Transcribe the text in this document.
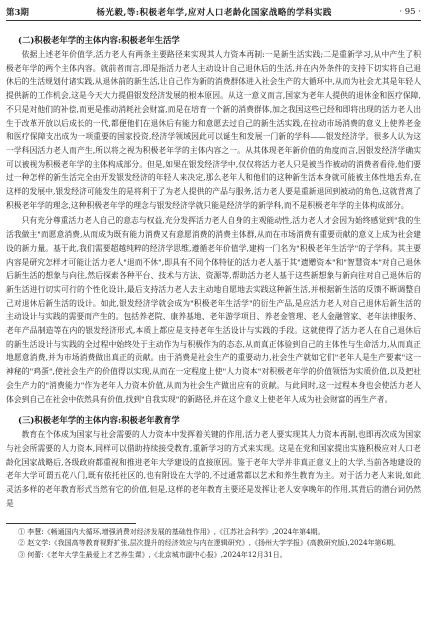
第3期	杨光毅,等:积极老年学,应对人口老龄化国家战略的学科实践	· 95 ·
(二)积极老年学的主体内容:积极老年生活学

依据上述老年价值学,活力老人有两条主要路径来实现其人力资本再制:一是新生活实践;二是重新学习,从中产生了积极老年学的两个主体内容。就前者而言,即是指活力老人主动设计自己退休后的生活,并在内外条件的支持下切实将自己退休后的生活规划付诸实践,从退休前的新生活,让自己作为新的消费群体进入社会生产的大循环中,从而为社会尤其是年轻人提供新的工作机会,这是今天大力提倡银发经济发展的根本原因。从这一意义而言,国家为老年人提供的退休金和医疗保障,不只是对他们的补偿,而更是推动消耗社会财富,而是在培育一个新的消费群体,加之我国这些已经和即将出现的活力老人出生于改革开放以后成长的一代,都便他们在退休后有能力和意愿去过自己的新生活实践,在拉动市场消费的意义上使养老金和医疗保障支出成为一项重要的国家投资,经济学领域因此可以诞生和发展一门新的学科——银发经济学。很多人认为这一学科因活力老人而产生,所以将之视为积极老年学的主体内容之一。从其体现老年新价值的角度而言,因银发经济学确实可以被视为积极老年学的主体构成部分。但是,如果在银发经济学中,仅仅将活力老人只是被当作被动的消费者看待,他们要过一种怎样的新生活完全由开发银发经济的年轻人来决定,那么老年人和他们的这种新生活本身就可能被主体性地丢弃,在这样的发展中,银发经济可能发生的是将利于了为老人提供的产品与服务,活力老人要是重新退回到被动的角色,这就背离了积极老年学的理念,这种积极老年学的理念与银发经济学就只能是经济学的新学科,而不是积极老年学的主体构成部分。

只有充分尊重活力老人自己的意志与权益,充分发挥活力老人自身的主观能动性,活力老人才会因为始终感觉到"我的生活我做主"而愿意消费,从而成为既有能力消费又有意愿消费的消费主体群,从而在市场消费有重要贡献的意义上成为社会建设的新力量。基于此,我们需要超越纯粹的经济学思维,遵循老年价值学,建构一门名为"积极老年生活学"的子学科。其主要内容是研究怎样才可能让活力老人"退而不休",即具有不同个体特征的活力老人基于其"遗赠资本"和"智慧资本"对自己退休后新生活的想象与向往,然后探索各种平台、技术与方法、资源等,帮助活力老人基于这些新想象与新向往对自己退休后的新生活进行切实可行的个性化设计,最后支持活力老人去主动地自愿地去实践这种新生活,并根据新生活的反馈不断调整自己对退休后新生活的设计。如此,银发经济学就会成为"积极老年生活学"的衍生产品,是应活力老人对自己退休后新生活的主动设计与实践的需要而产生的。包括养老院、康养基地、老年游学项目、养老金管理、老人金融管家、老年法律服务、老年产品制造等在内的银发经济形式,本质上都应是支持老年生活设计与实践的手段。这就使得了活力老人在自己退休后的新生活设计与实践的全过程中始终处于主动作为与积极作为的态态,从而真正体验到自己的主体性与生命活力,从而真正地愿意消费,并为市场消费做出真正的贡献。由于消费是社会生产的重要动力,社会生产就如它们"老年人是生产要素"这一神秘的"鸡蛋",使社会生产的价值得以实现,从而在一定程度上使"人力资本"对积极老年学的价值领悟为实质价值,以及把社会生产力的"消费能力"作为老年人力资本价值,从而为社会生产做出应有的贡献。与此同时,这一过程本身也会使活力老人体会到自己在社会中依然具有价值,找到"自我实现"的新路径,并在这个意义上使老年人成为社会财富的再生产者。

(三)积极老年学的主体内容:积极老年教育学

教育在个体成为国家与社会需要的人力资本中发挥着关键的作用,活力老人要实现其人力资本再制,也即再次成为国家与社会所需要的人力资本,同样可以借助持续接受教育,重新学习的方式来实现。这是在党和国家提出实施积极应对人口老龄化国家战略后,各级政府都重视和推进老年大学建设的直接原因。鉴于老年大学并非真正意义上的大学,当前各地建设的老年大学可谓五花八门,既有依托社区的,也有附设在大学的,不过通常都以艺术和养生教育为主。对于活力老人来说,如此灵活多样的老年教育形式当然有它的价值,但是,这样的老年教育主要还是发挥让老人安享晚年的作用,其背后的潜台词仍然是

① 李慧:《畅通国内大循环,增强消费对经济发展的基础性作用》,《江苏社会科学》,2024年第4期。
② 赵文学:《我国高等教育视野扩张,层次提升的经济效应与内在逻辑研究》,《扬州大学学报》(高教研究版),2024年第6期。
③ 何蕾:《老年大学生最爱上才艺养生课》,《北京城市副中心报》,2024年12月31日。
